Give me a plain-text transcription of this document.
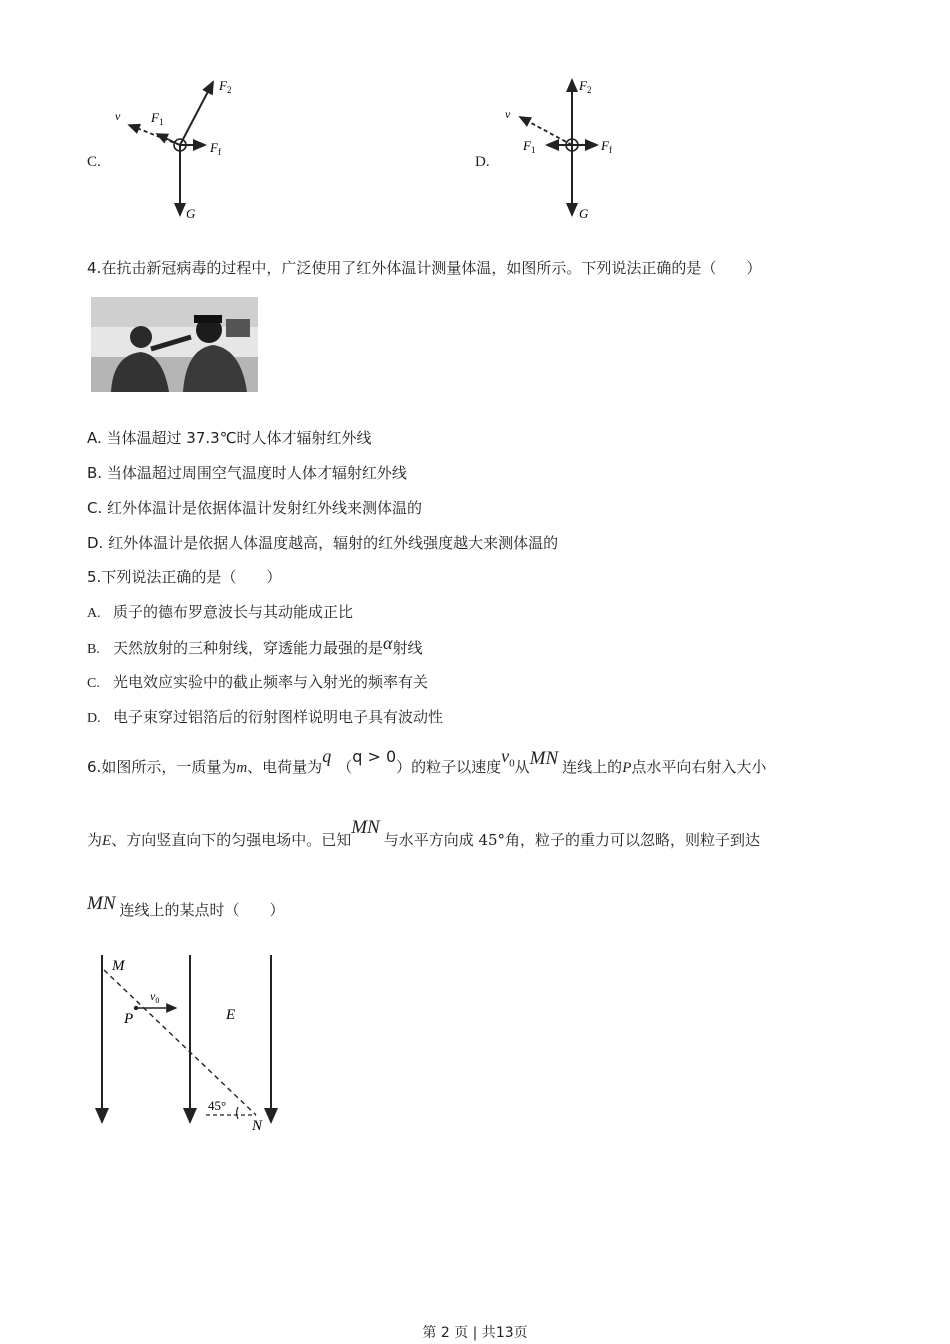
C.
v $F_1$
$F_2$
$F_f$
G
D.
v
$F_1$
$F_2$
$F_f$
G
4.在抗击新冠病毒的过程中，广泛使用了红外体温计测量体温，如图所示。下列说法正确的是（　　）
A. 当体温超过 37.3℃时人体才辐射红外线
B. 当体温超过周围空气温度时人体才辐射红外线
C. 红外体温计是依据体温计发射红外线来测体温的
D. 红外体温计是依据人体温度越高，辐射的红外线强度越大来测体温的
5.下列说法正确的是（　　）
A. 质子的德布罗意波长与其动能成正比
B. 天然放射的三种射线，穿透能力最强的是α射线
C. 光电效应实验中的截止频率与入射光的频率有关
D. 电子束穿过铝箔后的衍射图样说明电子具有波动性
6.如图所示，一质量为m、电荷量为q（q > 0）的粒子以速度$v_0$从MN 连线上的P点水平向右射入大小
为E、方向竖直向下的匀强电场中。已知MN与水平方向成 45°角，粒子的重力可以忽略，则粒子到达
MN 连线上的某点时（　　）
M
P
$v_0$
E
45°
N
第 2 页 | 共13页
